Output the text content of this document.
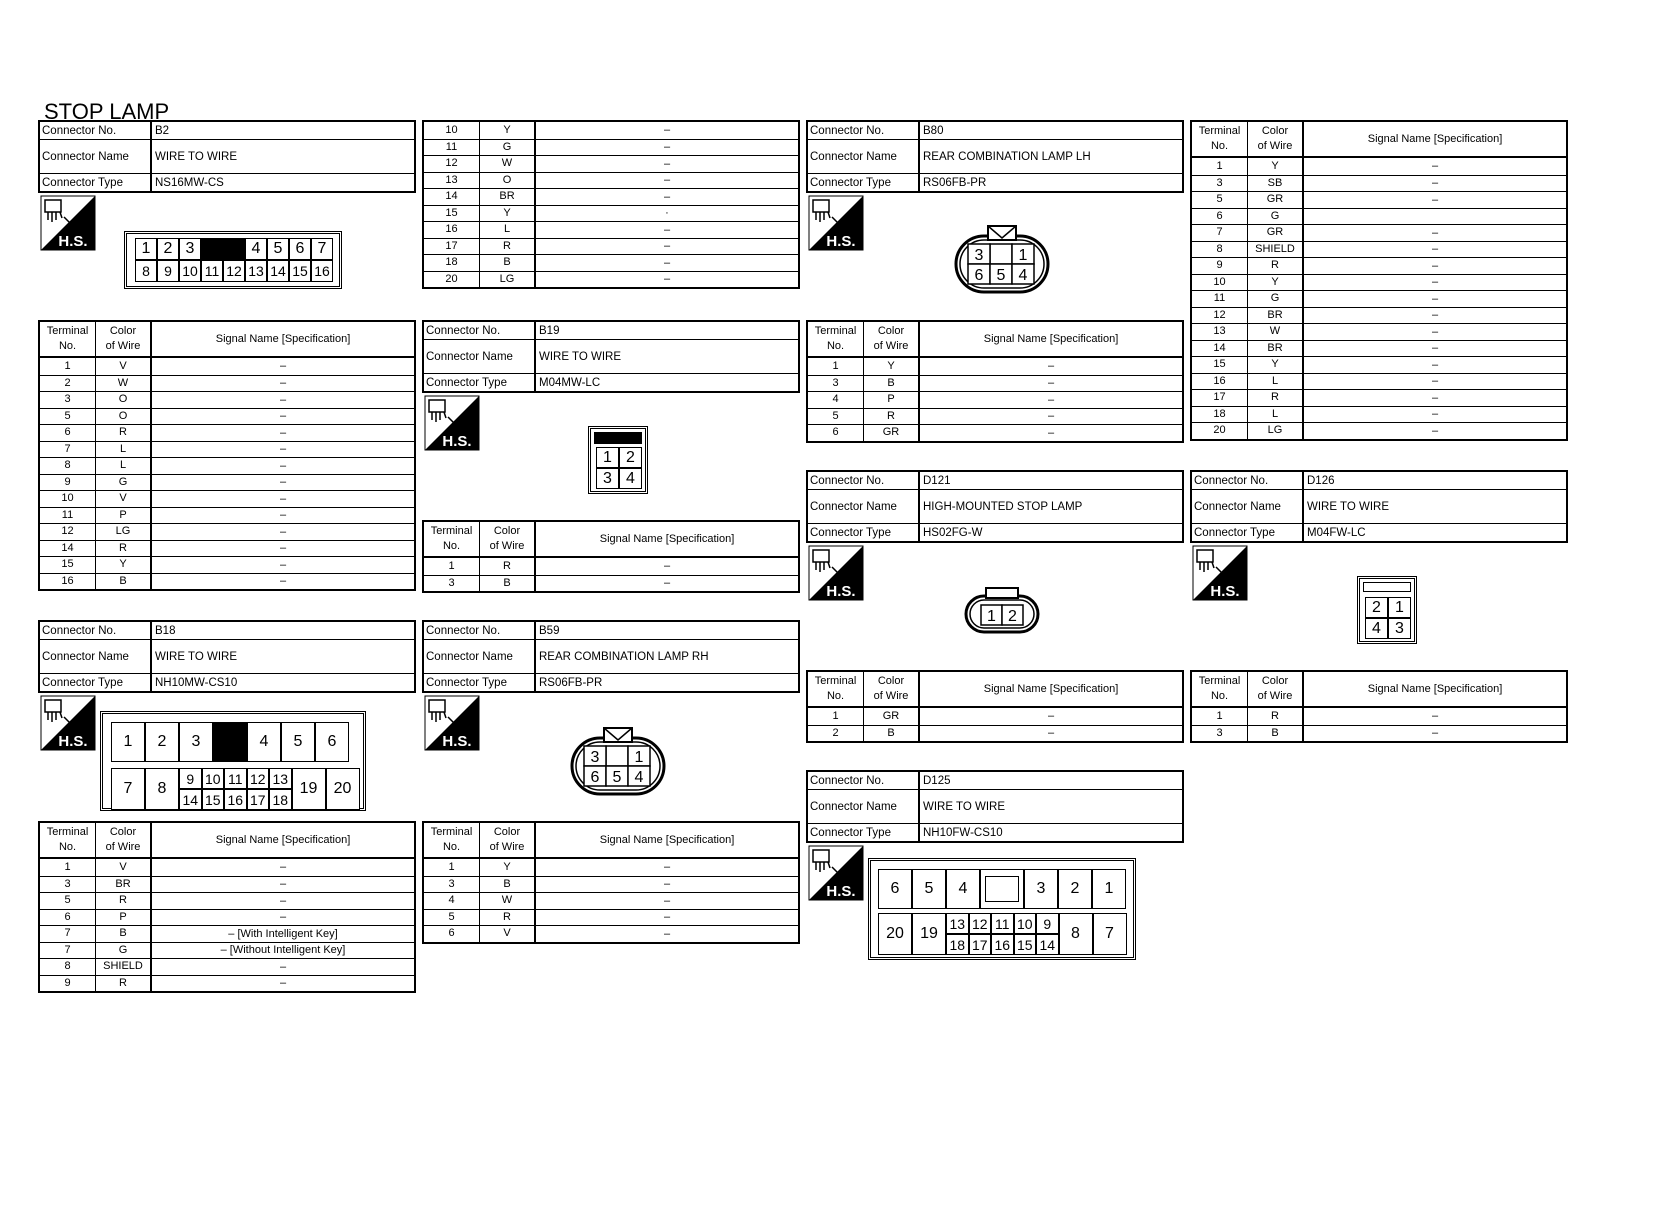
STOP LAMP
Connector No.	B2
Connector Name	WIRE TO WIRE
Connector Type	NS16MW-CS
H.S.	1 2 3	4 5 6 7
8	9 10 11 12 13 14 15 16
Terminal
No.
Color
of Wire
Signal Name [Specification]
1	V	–
2	W	–
3	O	–
5	O	–
6	R	–
7	L	–
8	L	–
9	G	–
10	V	–
11	P	–
12	LG	–
14	R	–
15	Y	–
16	B	–
Connector No.	B18
Connector Name	WIRE TO WIRE
Connector Type	NH10MW-CS10
H.S.	1	2	3	4	5	6
7	8
9 10 11 12 13
14 15 16 17 18
19	20
Terminal
No.
Color
of Wire
Signal Name [Specification]
1	V	–
3	BR	–
5	R	–
6	P	–
7	B	– [With Intelligent Key]
7	G	– [Without Intelligent Key]
8	SHIELD	–
9	R	–
10	Y	–
11	G	–
12	W	–
13	O	–
14	BR	–
15	Y	·
16	L	–
17	R	–
18	B	–
20	LG	–
Connector No.	B19
Connector Name	WIRE TO WIRE
Connector Type	M04MW-LC
H.S.
1 2
3 4
Terminal
No.
Color
of Wire
Signal Name [Specification]
1	R	–
3	B	–
Connector No.	B59
Connector Name	REAR COMBINATION LAMP RH
Connector Type	RS06FB-PR
H.S.
3 1
6 5 4
Terminal
No.
Color
of Wire
Signal Name [Specification]
1	Y	–
3	B	–
4	W	–
5	R	–
6	V	–
Connector No.	B80
Connector Name	REAR COMBINATION LAMP LH
Connector Type	RS06FB-PR
H.S.
3 1
6 5 4
Terminal
No.
Color
of Wire
Signal Name [Specification]
1	Y	–
3	B	–
4	P	–
5	R	–
6	GR	–
Connector No.	D121
Connector Name	HIGH-MOUNTED STOP LAMP
Connector Type	HS02FG-W
H.S.
1 2
Terminal
No.
Color
of Wire
Signal Name [Specification]
1	GR	–
2	B	–
Connector No.	D125
Connector Name	WIRE TO WIRE
Connector Type	NH10FW-CS10
H.S.	6	5	4	3	2	1
20	19
13 12 11 10 9
18 17 16 15 14
8	7
Terminal
No.
Color
of Wire
Signal Name [Specification]
1	Y	–
3	SB	–
5	GR	–
6	G
7	GR	–
8	SHIELD	–
9	R	–
10	Y	–
11	G	–
12	BR	–
13	W	–
14	BR	–
15	Y	–
16	L	–
17	R	–
18	L	–
20	LG	–
Connector No.	D126
Connector Name	WIRE TO WIRE
Connector Type	M04FW-LC
H.S.
2 1
4 3
Terminal
No.
Color
of Wire
Signal Name [Specification]
1	R	–
3	B	–
